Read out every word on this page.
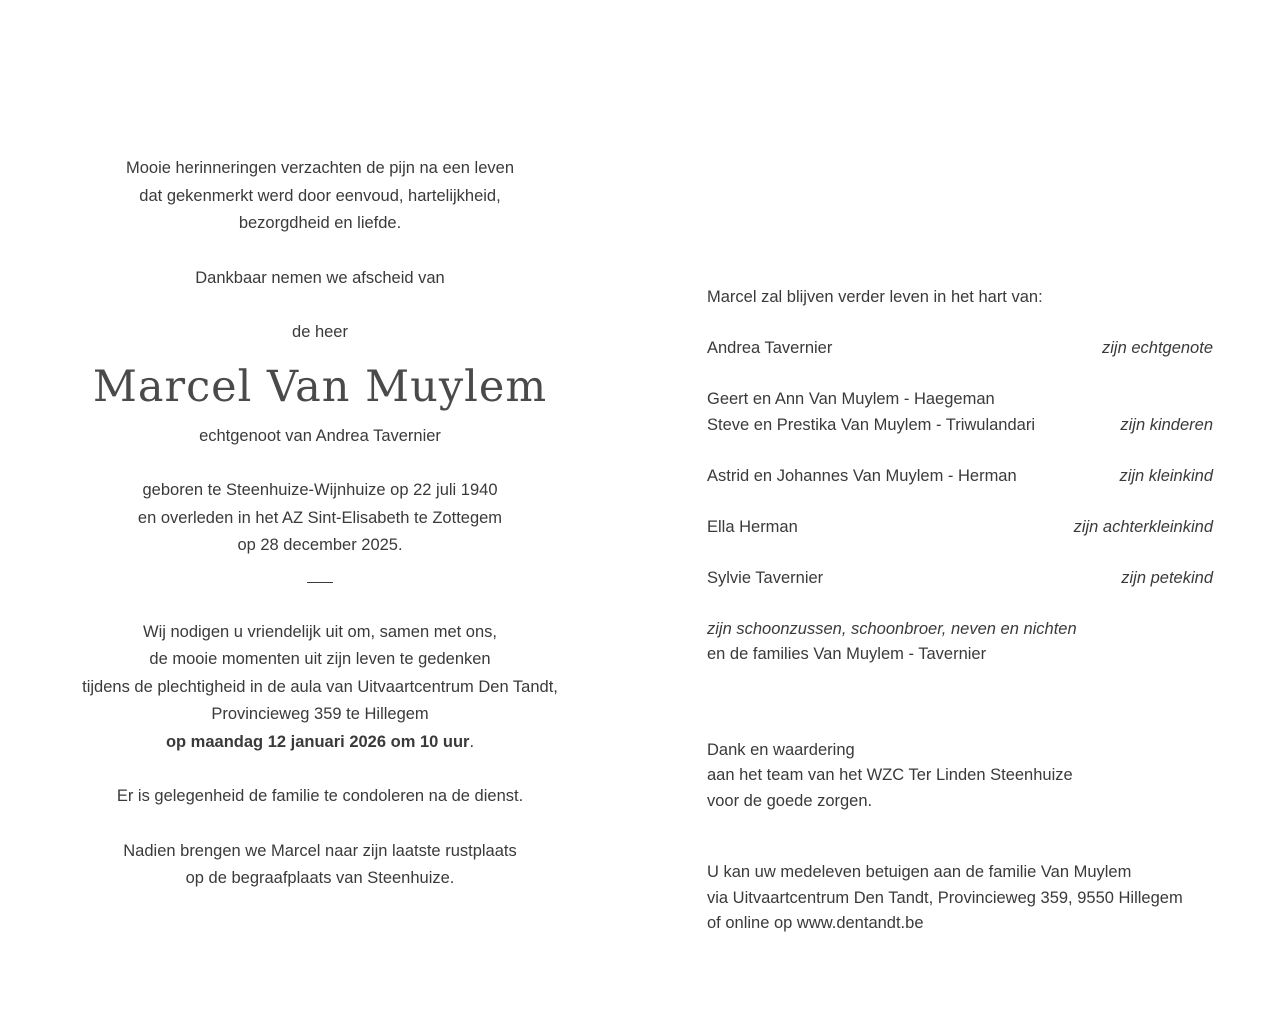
Mooie herinneringen verzachten de pijn na een leven

dat gekenmerkt werd door eenvoud, hartelijkheid,

bezorgdheid en liefde.

Dankbaar nemen we afscheid van

de heer

Marcel Van Muylem

echtgenoot van Andrea Tavernier

geboren te Steenhuize-Wijnhuize op 22 juli 1940

en overleden in het AZ Sint-Elisabeth te Zottegem

op 28 december 2025.

Wij nodigen u vriendelijk uit om, samen met ons,

de mooie momenten uit zijn leven te gedenken

tijdens de plechtigheid in de aula van Uitvaartcentrum Den Tandt,

Provincieweg 359 te Hillegem

op maandag 12 januari 2026 om 10 uur.

Er is gelegenheid de familie te condoleren na de dienst.

Nadien brengen we Marcel naar zijn laatste rustplaats

op de begraafplaats van Steenhuize.

Marcel zal blijven verder leven in het hart van:

Andrea Tavernier	zijn echtgenote

Geert en Ann Van Muylem - Haegeman

Steve en Prestika Van Muylem - Triwulandari	zijn kinderen
Astrid en Johannes Van Muylem - Herman	zijn kleinkind
Ella Herman	zijn achterkleinkind
Sylvie Tavernier	zijn petekind

zijn schoonzussen, schoonbroer, neven en nichten

en de families Van Muylem - Tavernier

Dank en waardering

aan het team van het WZC Ter Linden Steenhuize

voor de goede zorgen.

U kan uw medeleven betuigen aan de familie Van Muylem

via Uitvaartcentrum Den Tandt, Provincieweg 359, 9550 Hillegem

of online op www.dentandt.be
